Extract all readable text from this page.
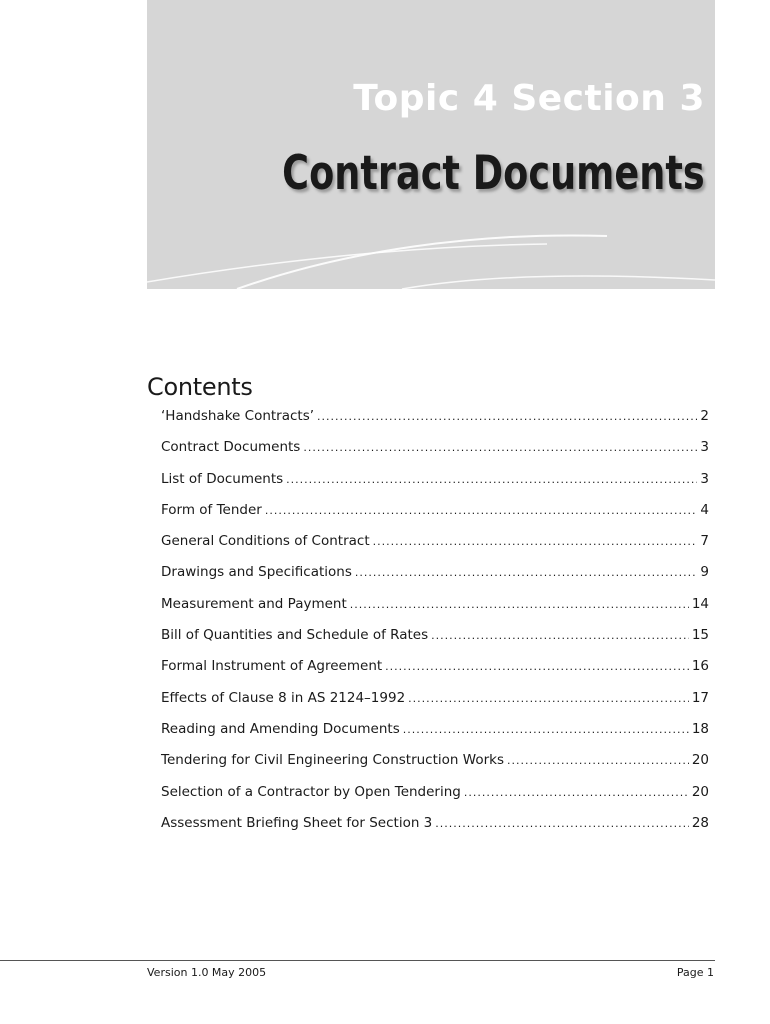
Topic 4 Section 3
Contract Documents
Contents
‘Handshake Contracts’ .....	2
Contract Documents .....	3
List of Documents .....	3
Form of Tender .....	4
General Conditions of Contract .....	7
Drawings and Specifications .....	9
Measurement and Payment .....	14
Bill of Quantities and Schedule of Rates .....	15
Formal Instrument of Agreement .....	16
Effects of Clause 8 in AS 2124–1992 .....	17
Reading and Amending Documents .....	18
Tendering for Civil Engineering Construction Works .....	20
Selection of a Contractor by Open Tendering .....	20
Assessment Briefing Sheet for Section 3 .....	28
Version 1.0 May 2005	Page 1
